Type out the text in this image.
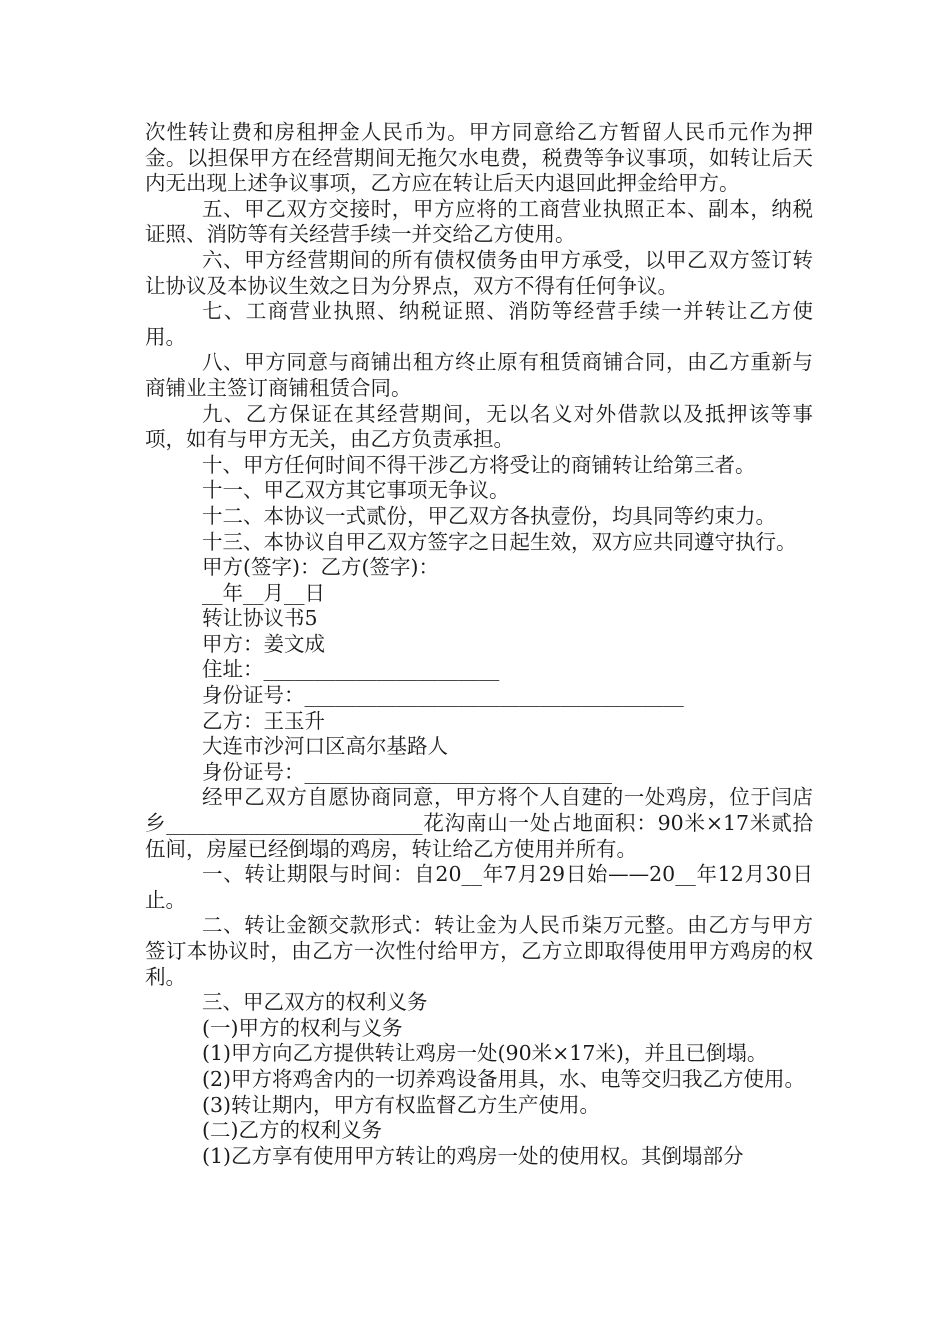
次性转让费和房租押金人民币为。甲方同意给乙方暂留人民币元作为押金。以担保甲方在经营期间无拖欠水电费，税费等争议事项，如转让后天内无出现上述争议事项，乙方应在转让后天内退回此押金给甲方。

五、甲乙双方交接时，甲方应将的工商营业执照正本、副本，纳税证照、消防等有关经营手续一并交给乙方使用。

六、甲方经营期间的所有债权债务由甲方承受，以甲乙双方签订转让协议及本协议生效之日为分界点，双方不得有任何争议。

七、工商营业执照、纳税证照、消防等经营手续一并转让乙方使用。

八、甲方同意与商铺出租方终止原有租赁商铺合同，由乙方重新与商铺业主签订商铺租赁合同。

九、乙方保证在其经营期间，无以名义对外借款以及抵押该等事项，如有与甲方无关，由乙方负责承担。

十、甲方任何时间不得干涉乙方将受让的商铺转让给第三者。

十一、甲乙双方其它事项无争议。

十二、本协议一式贰份，甲乙双方各执壹份，均具同等约束力。

十三、本协议自甲乙双方签字之日起生效，双方应共同遵守执行。

甲方(签字)：乙方(签字)：

__年__月__日

转让协议书5

甲方：姜文成

住址：_______________________

身份证号：_____________________________________

乙方：王玉升

大连市沙河口区高尔基路人

身份证号：______________________________

经甲乙双方自愿协商同意，甲方将个人自建的一处鸡房，位于闫店乡_________________________花沟南山一处占地面积：90米×17米贰拾伍间，房屋已经倒塌的鸡房，转让给乙方使用并所有。

一、转让期限与时间：自20__年7月29日始——20__年12月30日止。

二、转让金额交款形式：转让金为人民币柒万元整。由乙方与甲方签订本协议时，由乙方一次性付给甲方，乙方立即取得使用甲方鸡房的权利。

三、甲乙双方的权利义务

(一)甲方的权利与义务

(1)甲方向乙方提供转让鸡房一处(90米×17米)，并且已倒塌。

(2)甲方将鸡舍内的一切养鸡设备用具，水、电等交归我乙方使用。

(3)转让期内，甲方有权监督乙方生产使用。

(二)乙方的权利义务

(1)乙方享有使用甲方转让的鸡房一处的使用权。其倒塌部分
